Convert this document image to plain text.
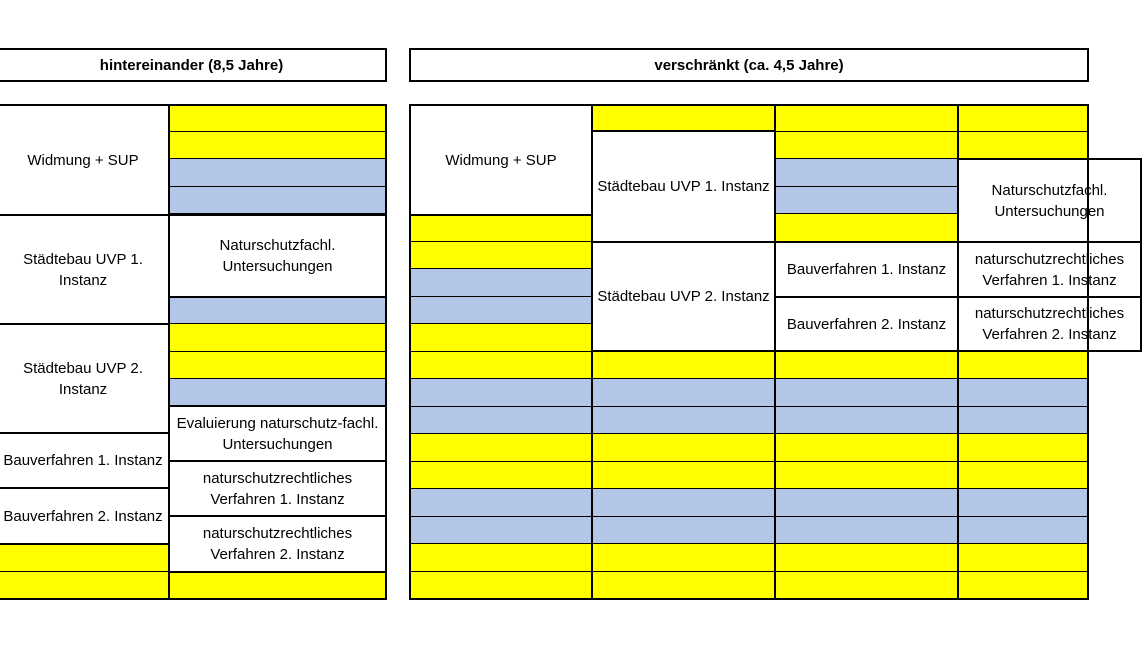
hintereinander (8,5 Jahre)	verschränkt (ca. 4,5 Jahre)
Widmung + SUP
Städtebau UVP 1. Instanz
Naturschutzfachl. Untersuchungen
Städtebau UVP 2. Instanz
Evaluierung naturschutz-fachl. Untersuchungen
Bauverfahren 1. Instanz
naturschutzrechtliches Verfahren 1. Instanz
Bauverfahren 2. Instanz
naturschutzrechtliches Verfahren 2. Instanz
Widmung + SUP
Städtebau UVP 1. Instanz
Städtebau UVP 2. Instanz
Bauverfahren 1. Instanz
Bauverfahren 2. Instanz
Naturschutzfachl. Untersuchungen
naturschutzrechtliches Verfahren 1. Instanz
naturschutzrechtliches Verfahren 2. Instanz
